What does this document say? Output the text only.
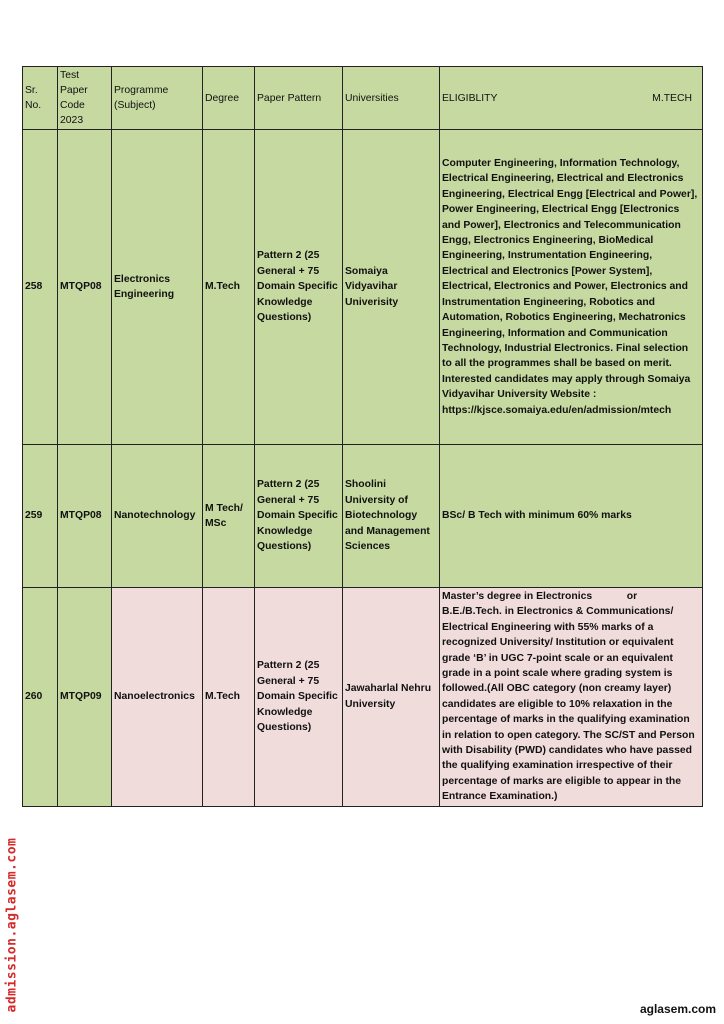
Sr. No.	Test Paper Code 2023	Programme (Subject)	Degree	Paper Pattern	Universities	ELIGIBLITY M.TECH

258	MTQP08	Electronics Engineering	M.Tech	Pattern 2 (25 General + 75 Domain Specific Knowledge Questions)	Somaiya Vidyavihar Univerisity	Computer Engineering, Information Technology, Electrical Engineering, Electrical and Electronics Engineering, Electrical Engg [Electrical and Power], Power Engineering, Electrical Engg [Electronics and Power], Electronics and Telecommunication Engg, Electronics Engineering, BioMedical Engineering, Instrumentation Engineering, Electrical and Electronics [Power System], Electrical, Electronics and Power, Electronics and Instrumentation Engineering, Robotics and Automation, Robotics Engineering, Mechatronics Engineering, Information and Communication Technology, Industrial Electronics. Final selection to all the programmes shall be based on merit. Interested candidates may apply through Somaiya Vidyavihar University Website : https://kjsce.somaiya.edu/en/admission/mtech
259	MTQP08	Nanotechnology	M Tech/ MSc	Pattern 2 (25 General + 75 Domain Specific Knowledge Questions)	Shoolini University of Biotechnology and Management Sciences	BSc/ B Tech with minimum 60% marks
260	MTQP09	Nanoelectronics	M.Tech	Pattern 2 (25 General + 75 Domain Specific Knowledge Questions)	Jawaharlal Nehru University	Master’s degree in Electronics            or
B.E./B.Tech. in Electronics & Communications/ Electrical Engineering with 55% marks of a recognized University/ Institution or equivalent grade ‘B’ in UGC 7-point scale or an equivalent grade in a point scale where grading system is followed.(All OBC category (non creamy layer) candidates are eligible to 10% relaxation in the percentage of marks in the qualifying examination in relation to open category. The SC/ST and Person with Disability (PWD) candidates who have passed the qualifying examination irrespective of their percentage of marks are eligible to appear in the Entrance Examination.)
admission.aglasem.com	aglasem.com
